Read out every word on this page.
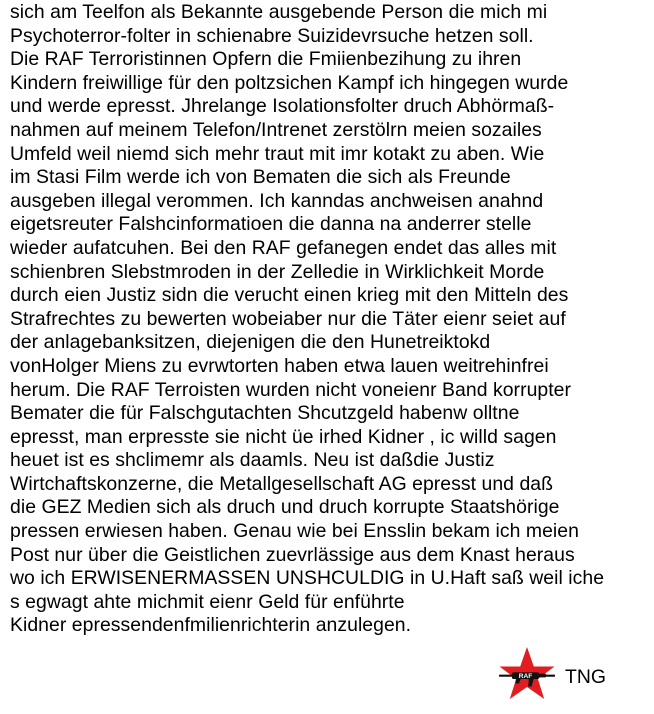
sich am Teelfon als Bekannte ausgebende Person die mich mi
Psychoterror-folter in schienabre Suizidevrsuche hetzen soll.
Die RAF Terroristinnen Opfern die Fmiienbezihung zu ihren
Kindern freiwillige für den poltzsichen Kampf ich hingegen wurde
und werde epresst. Jhrelange Isolationsfolter druch Abhörmaß-
nahmen auf meinem Telefon/Intrenet zerstölrn meien sozailes
Umfeld weil niemd sich mehr traut mit imr kotakt zu aben. Wie
im Stasi Film werde ich von Bematen die sich als Freunde
ausgeben illegal verommen. Ich kanndas anchweisen anahnd
eigetsreuter Falshcinformatioen die danna na anderrer stelle
wieder aufatcuhen. Bei den RAF gefanegen endet das alles mit
schienbren Slebstmroden in der Zelledie in Wirklichkeit Morde
durch eien Justiz sidn die verucht einen krieg mit den Mitteln des
Strafrechtes zu bewerten wobeiaber nur die Täter eienr seiet auf
der anlagebanksitzen, diejenigen die den Hunetreiktokd
vonHolger Miens zu evrwtorten haben etwa lauen weitrehinfrei
herum. Die RAF Terroisten wurden nicht voneienr Band korrupter
Bemater die für Falschgutachten Shcutzgeld habenw olltne
epresst, man erpresste sie nicht üe irhed Kidner , ic willd sagen
heuet ist es shclimemr als daamls. Neu ist daßdie Justiz
Wirtchaftskonzerne, die Metallgesellschaft AG epresst und daß
die GEZ Medien sich als druch und druch korrupte Staatshörige
pressen erwiesen haben. Genau wie bei Ensslin bekam ich meien
Post nur über die Geistlichen zuevrlässige aus dem Knast heraus
wo ich ERWISENERMASSEN UNSHCULDIG in U.Haft saß weil iche
s egwagt ahte michmit eienr Geld für enführte
Kidner epressendenfmilienrichterin anzulegen.
RAF TNG
